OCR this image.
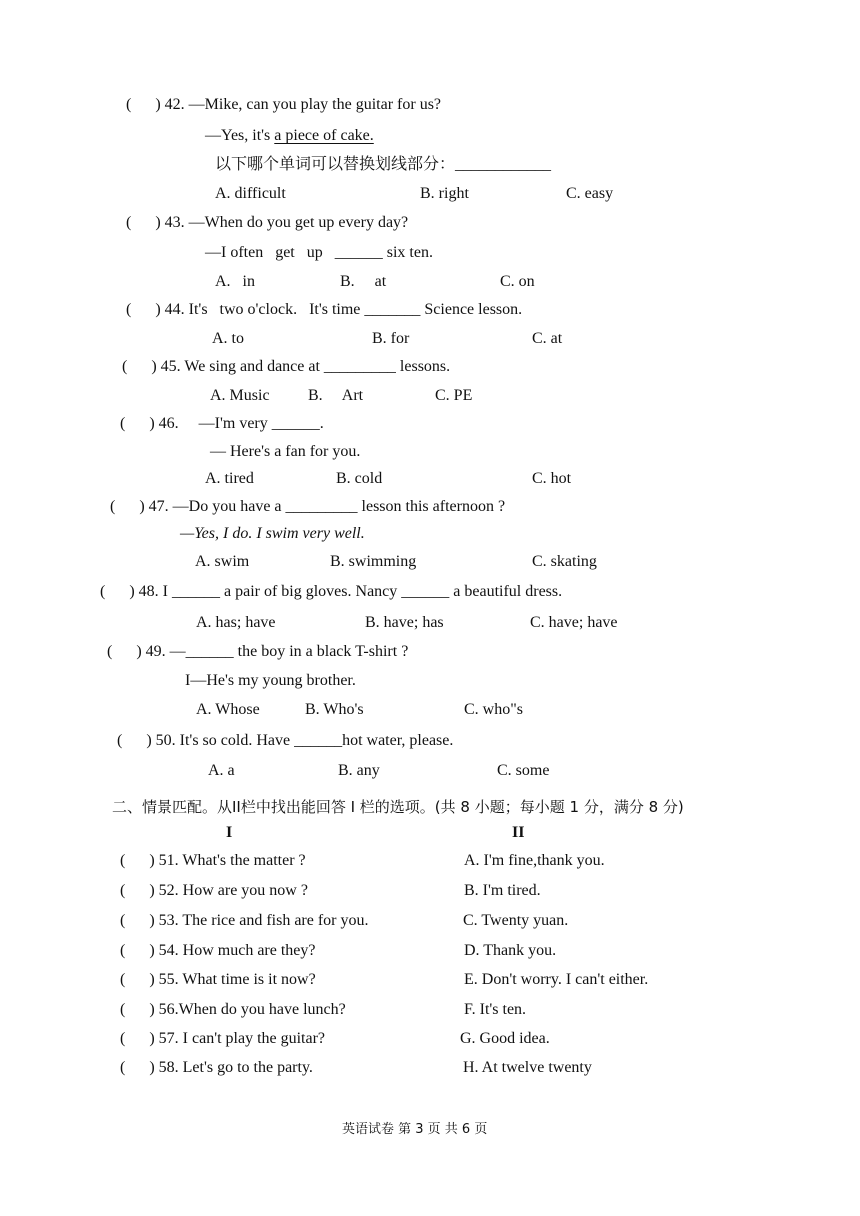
(      ) 42. —Mike, can you play the guitar for us?
—Yes, it's a piece of cake.
以下哪个单词可以替换划线部分：____________
A. difficult	B. right	C. easy
(      ) 43. —When do you get up every day?
—I often   get   up   ______ six ten.
A.   in	B.     at	C. on
(      ) 44. It's   two o'clock.   It's time _______ Science lesson.
A. to	B. for	C. at
(      ) 45. We sing and dance at _________ lessons.
A. Music B.     Art	C. PE
(      ) 46.     —I'm very ______.
— Here's a fan for you.
A. tired	B. cold	C. hot
(      ) 47. —Do you have a _________ lesson this afternoon ?
—Yes, I do. I swim very well.
A. swim	B. swimming	C. skating
(      ) 48. I ______ a pair of big gloves. Nancy ______ a beautiful dress.
A. has; have	B. have; has	C. have; have
(      ) 49. —______ the boy in a black T-shirt ?
I—He's my young brother.
A. Whose	B. Who's	C. who"s
(      ) 50. It's so cold. Have ______hot water, please.
A. a	B. any	C. some
二、情景匹配。从II栏中找出能回答 I 栏的选项。(共 8 小题；每小题 1 分，满分 8 分)
I	II
(      ) 51. What's the matter ?	A. I'm fine,thank you.
(      ) 52. How are you now ?	B. I'm tired.
(      ) 53. The rice and fish are for you.	C. Twenty yuan.
(      ) 54. How much are they?	D. Thank you.
(      ) 55. What time is it now?	E. Don't worry. I can't either.
(      ) 56.When do you have lunch?	F. It's ten.
(      ) 57. I can't play the guitar?	G. Good idea.
(      ) 58. Let's go to the party.	H. At twelve twenty
英语试卷 第 3 页 共 6 页
